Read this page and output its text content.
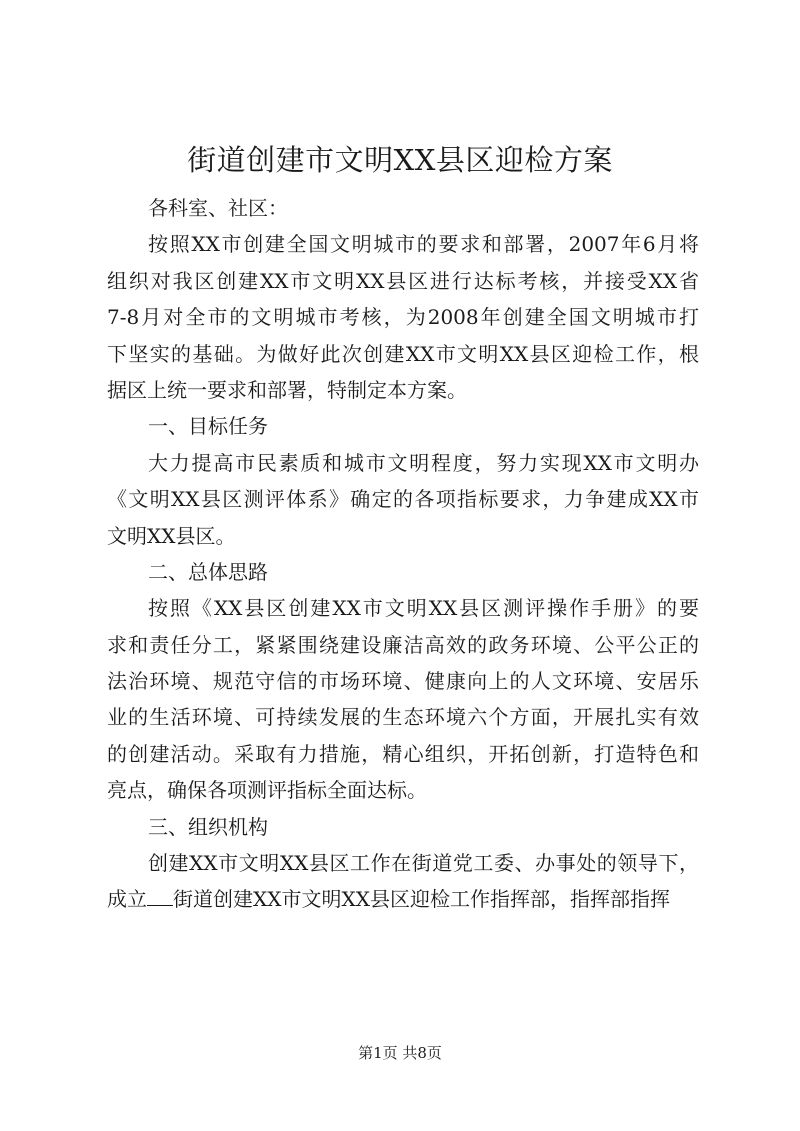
街道创建市文明XX县区迎检方案
各科室、社区：
按照XX市创建全国文明城市的要求和部署，2007年6月将
组织对我区创建XX市文明XX县区进行达标考核，并接受XX省
7-8月对全市的文明城市考核，为2008年创建全国文明城市打
下坚实的基础。为做好此次创建XX市文明XX县区迎检工作，根
据区上统一要求和部署，特制定本方案。
一、目标任务
大力提高市民素质和城市文明程度，努力实现XX市文明办
《文明XX县区测评体系》确定的各项指标要求，力争建成XX市
文明XX县区。
二、总体思路
按照《XX县区创建XX市文明XX县区测评操作手册》的要
求和责任分工，紧紧围绕建设廉洁高效的政务环境、公平公正的
法治环境、规范守信的市场环境、健康向上的人文环境、安居乐
业的生活环境、可持续发展的生态环境六个方面，开展扎实有效
的创建活动。采取有力措施，精心组织，开拓创新，打造特色和
亮点，确保各项测评指标全面达标。
三、组织机构
创建XX市文明XX县区工作在街道党工委、办事处的领导下，
成立 街道创建XX市文明XX县区迎检工作指挥部，指挥部指挥
第1页 共8页
